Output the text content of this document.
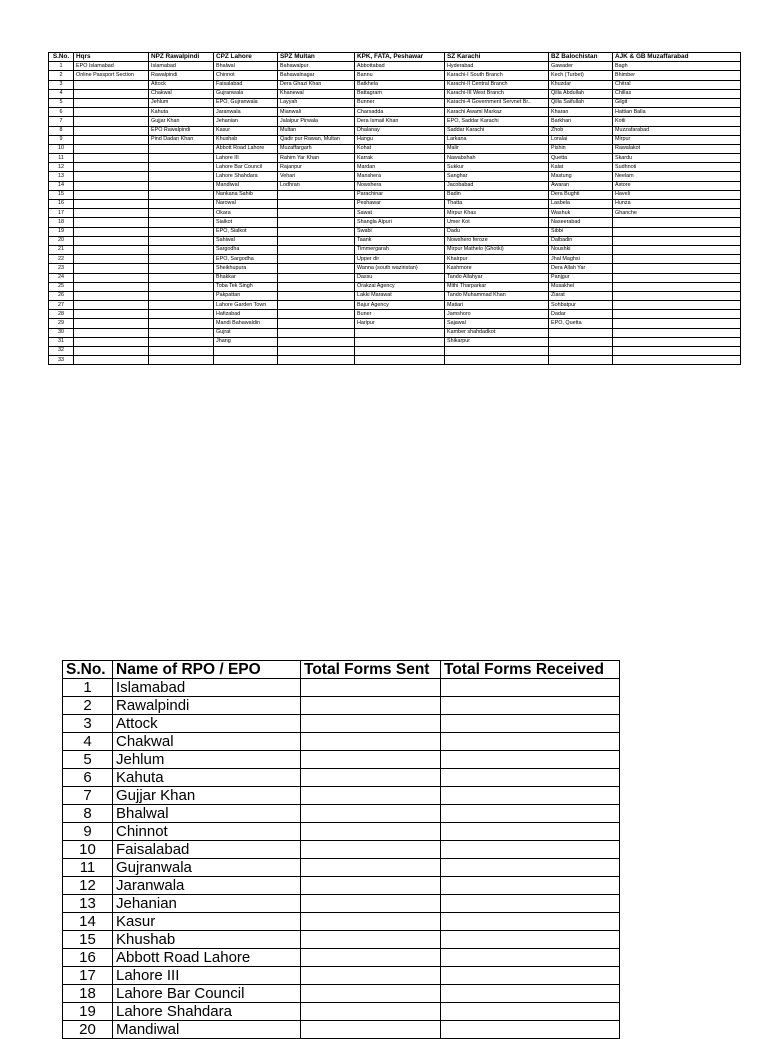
S.No.	Hqrs	NPZ Rawalpindi	CPZ Lahore	SPZ Multan	KPK, FATA, Peshawar	SZ Karachi	BZ Balochistan	AJK & GB Muzaffarabad
1	EPO Islamabad	Islamabad	Bhalwal	Bahawalpur	Abbottabad	Hyderabad	Gawader	Bagh
2	Online Passport Section	Rawalpindi	Chinnot	Bahawalnagar	Bannu	Karachi-I South Branch	Kech (Turbet)	Bhimber
3		Attock	Faisalabad	Dera Ghazi Khan	Batkhela	Karachi-II Central Branch	Khuzdar	Chitral
4		Chakwal	Gujranwala	Khanewal	Battagram	Karachi-III West Branch	Qilla Abdullah	Chillas
5		Jehlum	EPO, Gujranwala	Layyah	Bunner	Karachi-4 Government Servnet Br..	Qilla Saifullah	Gilgit
6		Kahuta	Jaranwala	Mianwali	Charsadda	Karachi Awami Markaz	Kharan	Hattian Balla
7		Gujjar Khan	Jehanian	Jalalpur Pirwala	Dera Ismail Khan	EPO, Saddar Karachi	Barkhan	Kotli
8		EPO Rawalpindi	Kasur	Multan	Dhalanay	Saddar Karachi	Zhob	Muzzafarabad
9		Pind Dadan Khan	Khushab	Qadir pur Rawan, Multan	Hangu	Larkana	Loralai	Mirpur
10			Abbott Road Lahore	Muzaffargarh	Kohat	Malir	Pishin	Rawalakot
11			Lahore III	Rahim Yar Khan	Karrak	Nawabshah	Quetta	Skardu
12			Lahore Bar Council	Rajanpur	Mardan	Sukkur	Kalat	Sudhnoti
13			Lahore Shahdara	Vehari	Manshera	Sanghar	Mastung	Neelam
14			Mandiwal	Lodhran	Nowshera	Jacobabad	Awaran	Astore
15			Nankana Sahib		Parachinar	Badin	Dera Bughti	Haveli
16			Narowal		Peshawar	Thatta	Lasbela	Hunza
17			Okara		Sawat	Mirpur Khas	Washuk	Ghanche
18			Sialkot		Shangla Alpuri	Umer Kot	Naseerabad	
19			EPO, Sialkot		Swabi	Dadu	Sibbi	
20			Sahiwal		Taank	Nowshero feroze	Dalbadin	
21			Sargodha		Timmergarah	Mirpur Mathelo (Ghotki)	Noushki	
22			EPO, Sargodha		Upper dir	Khairpur	Jhal Maghsi	
23			Sheikhupura		Wanna (south waziristan)	Kashmore	Dera Allah Yar	
24			Bhakkar		Dassu	Tando Allahyar	Panjgur	
25			Toba Tek Singh		Orakzai Agency	Mithi Tharparkar	Musakhel	
26			Pakpattan		Lakki Marawat	Tando Muhammad Khan	Ziarat	
27			Lahore Garden Town		Bajur Agency	Matiari	Sohbatpur	
28			Hafizabad		Buner	Jamshoro	Dadar	
29			Mandi Bahawaldin		Haripur	Sajawal	EPO, Quetta	
30			Gujrat			Kamber shahdadkot		
31			Jhang			Shikarpur		
32								
33								
S.No.	Name of RPO / EPO	Total Forms Sent	Total Forms Received
1	Islamabad		
2	Rawalpindi		
3	Attock		
4	Chakwal		
5	Jehlum		
6	Kahuta		
7	Gujjar Khan		
8	Bhalwal		
9	Chinnot		
10	Faisalabad		
11	Gujranwala		
12	Jaranwala		
13	Jehanian		
14	Kasur		
15	Khushab		
16	Abbott Road Lahore		
17	Lahore III		
18	Lahore Bar Council		
19	Lahore Shahdara		
20	Mandiwal		
